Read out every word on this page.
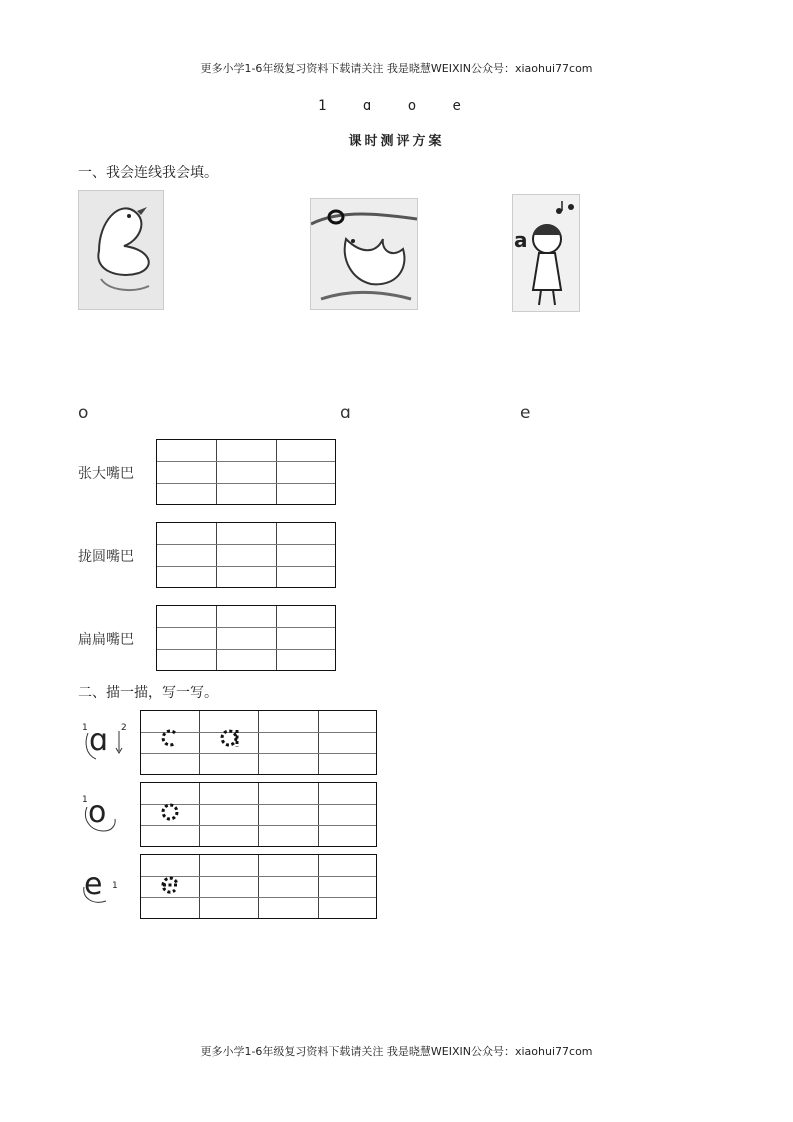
更多小学1-6年级复习资料下载请关注 我是晓慧WEIXIN公众号：xiaohui77com
1 ɑ o e
课时测评方案
一、我会连线我会填。
a
o	ɑ	e
张大嘴巴
拢圆嘴巴
扁扁嘴巴
二、描一描，写一写。
1	2
ɑ
1 o
1
e
更多小学1-6年级复习资料下载请关注 我是晓慧WEIXIN公众号：xiaohui77com
